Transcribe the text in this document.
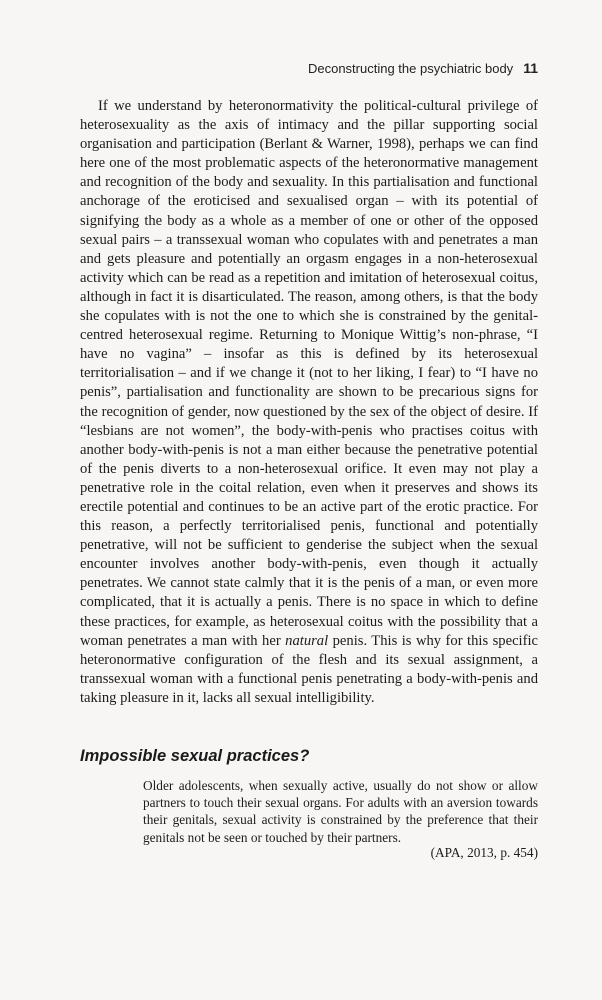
Deconstructing the psychiatric body 11

If we understand by heteronormativity the political-cultural privilege of heterosexuality as the axis of intimacy and the pillar supporting social organisation and participation (Berlant & Warner, 1998), perhaps we can find here one of the most problematic aspects of the heteronormative management and recognition of the body and sexuality. In this partialisation and functional anchorage of the eroticised and sexualised organ – with its potential of signifying the body as a whole as a member of one or other of the opposed sexual pairs – a transsexual woman who copulates with and penetrates a man and gets pleasure and potentially an orgasm engages in a non-heterosexual activity which can be read as a repetition and imitation of heterosexual coitus, although in fact it is disarticulated. The reason, among others, is that the body she copulates with is not the one to which she is constrained by the genital-centred heterosexual regime. Returning to Monique Wittig’s non-phrase, “I have no vagina” – insofar as this is defined by its heterosexual territorialisation – and if we change it (not to her liking, I fear) to “I have no penis”, partialisation and functionality are shown to be precarious signs for the recognition of gender, now questioned by the sex of the object of desire. If “lesbians are not women”, the body-with-penis who practises coitus with another body-with-penis is not a man either because the penetrative potential of the penis diverts to a non-heterosexual orifice. It even may not play a penetrative role in the coital relation, even when it preserves and shows its erectile potential and continues to be an active part of the erotic practice. For this reason, a perfectly territorialised penis, functional and potentially penetrative, will not be sufficient to genderise the subject when the sexual encounter involves another body-with-penis, even though it actually penetrates. We cannot state calmly that it is the penis of a man, or even more complicated, that it is actually a penis. There is no space in which to define these practices, for example, as heterosexual coitus with the possibility that a woman penetrates a man with her natural penis. This is why for this specific heteronormative configuration of the flesh and its sexual assignment, a transsexual woman with a functional penis penetrating a body-with-penis and taking pleasure in it, lacks all sexual intelligibility.

Impossible sexual practices?

Older adolescents, when sexually active, usually do not show or allow partners to touch their sexual organs. For adults with an aversion towards their genitals, sexual activity is constrained by the preference that their genitals not be seen or touched by their partners.

(APA, 2013, p. 454)
